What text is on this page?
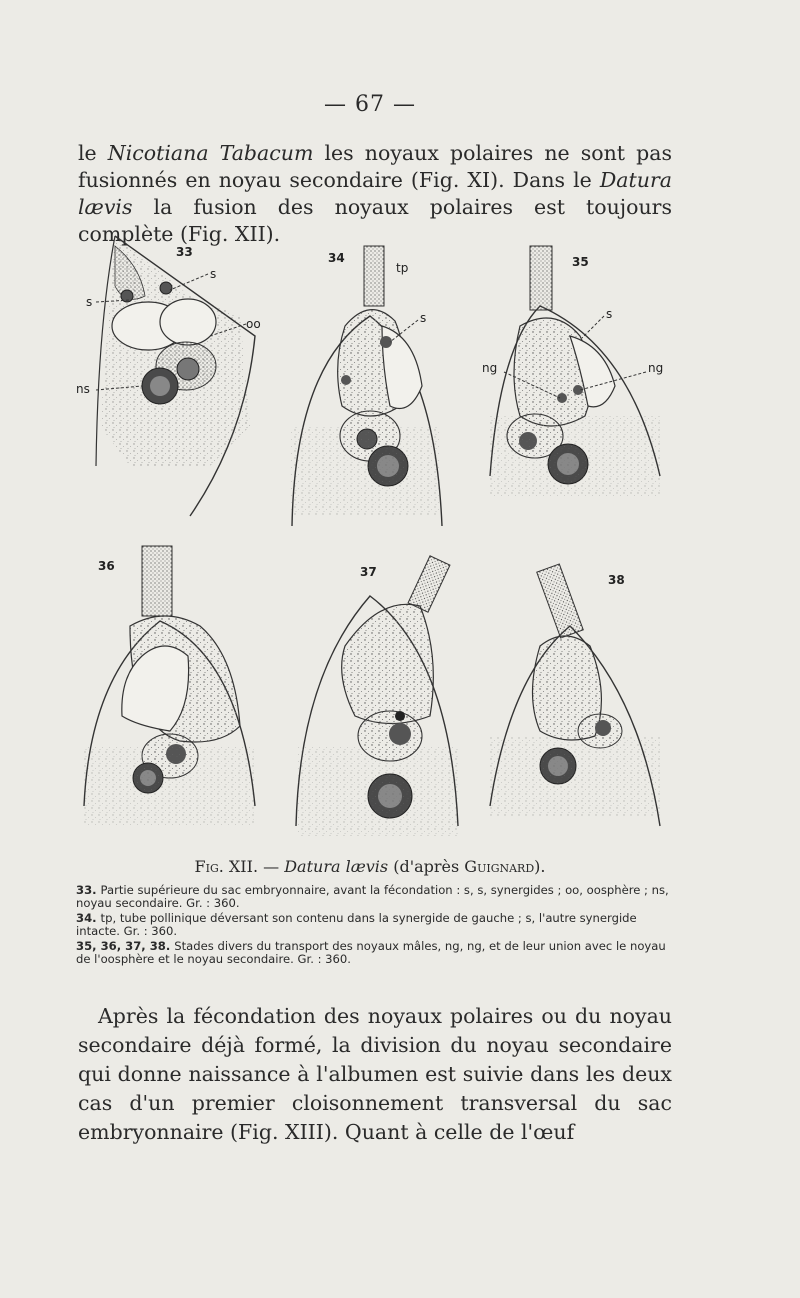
— 67 —
le Nicotiana Tabacum les noyaux polaires ne sont pas fusionnés en noyau secondaire (Fig. XI). Dans le Datura lævis la fusion des noyaux polaires est toujours complète (Fig. XII).
33
s
s
oo
ns
34
tp
s
35
s
ng	ng
36	37
38
Fig. XII. — Datura lævis (d'après Guignard).
33. Partie supérieure du sac embryonnaire, avant la fécondation : s, s, synergides ; oo, oosphère ; ns, noyau secondaire. Gr. : 360.
34. tp, tube pollinique déversant son contenu dans la synergide de gauche ; s, l'autre synergide intacte. Gr. : 360.
35, 36, 37, 38. Stades divers du transport des noyaux mâles, ng, ng, et de leur union avec le noyau de l'oosphère et le noyau secondaire. Gr. : 360.
Après la fécondation des noyaux polaires ou du noyau secondaire déjà formé, la division du noyau secondaire qui donne naissance à l'albumen est suivie dans les deux cas d'un premier cloisonnement transversal du sac embryonnaire (Fig. XIII). Quant à celle de l'œuf
